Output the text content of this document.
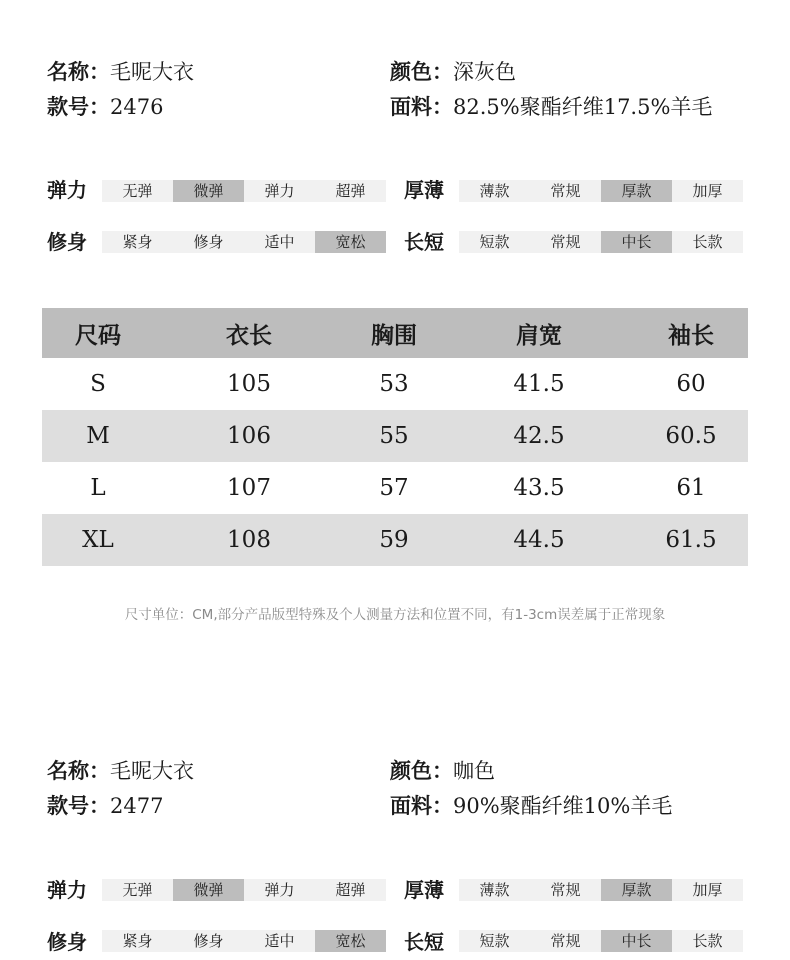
名称：毛呢大衣
款号：2476
颜色：深灰色
面料：82.5%聚酯纤维17.5%羊毛
弹力	无弹	微弹	弹力	超弹	厚薄	薄款	常规	厚款	加厚
修身	紧身	修身	适中	宽松	长短	短款	常规	中长	长款
尺码	衣长	胸围	肩宽	袖长
S	105	53	41.5	60
M	106	55	42.5	60.5
L	107	57	43.5	61
XL	108	59	44.5	61.5
尺寸单位：CM,部分产品版型特殊及个人测量方法和位置不同，有1-3cm误差属于正常现象
名称：毛呢大衣
款号：2477
颜色：咖色
面料：90%聚酯纤维10%羊毛
弹力	无弹	微弹	弹力	超弹	厚薄	薄款	常规	厚款	加厚
修身	紧身	修身	适中	宽松	长短	短款	常规	中长	长款
